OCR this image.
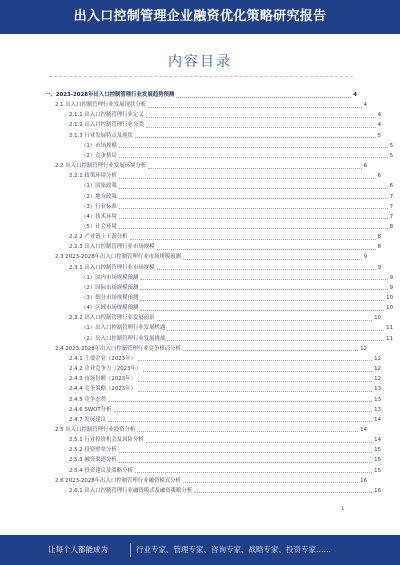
出入口控制管理企业融资优化策略研究报告
内容目录
一、2023-2028年出入口控制管理行业发展趋势预测	4
2.1 出入口控制管理行业发展现状分析	4
2.1.1 出入口控制管理行业定义	4
2.1.2 出入口控制管理行业分类	4
2.1.3 行业发展特点及现状	5
（1）市场规模	5
（2）竞争格局	5
2.2 出入口控制管理行业发展环境分析	6
2.2.1 政策环境分析	6
（1）国家政策	6
（2）地方政策	7
（3）行业标准	7
（4）技术环境	7
（5）社会环境	8
2.2.2 产业链上下游分析	8
2.2.3 出入口控制管理行业市场规模	8
2.3 2023-2028年出入口控制管理行业市场规模预测	9
2.3.1 出入口控制管理行业市场规模	9
（1）国内市场规模预测	9
（2）国际市场规模预测	9
（3）细分市场规模预测	10
（4）区域市场规模预测	10
2.3.2 出入口控制管理行业发展前景	10
（1）出入口控制管理行业发展机遇	11
（2）出入口控制管理行业发展挑战	11
2.4 2023-2028年出入口控制管理行业竞争格局分析	12
2.4.1 主要企业（2023年）	12
2.4.2 企业竞争力（2023年）	12
2.4.3 市场份额（2023年）	12
2.4.4 竞争策略（2023年）	13
2.4.5 竞争态势	13
2.4.6 SWOT分析	13
2.4.7 发展建议	14
2.5 出入口控制管理行业投资分析	14
2.5.1 行业投资机会及风险分析	14
2.5.2 投资壁垒分析	15
2.5.3 融资渠道分析	15
2.5.4 投资建议及策略分析	15
2.6 2023-2028年出入口控制管理行业融资模式分析	16
2.6.1 出入口控制管理行业融资模式及融资策略分析	16
1
让每个人都能成为	行业专家、管理专家、咨询专家、战略专家、投资专家……
